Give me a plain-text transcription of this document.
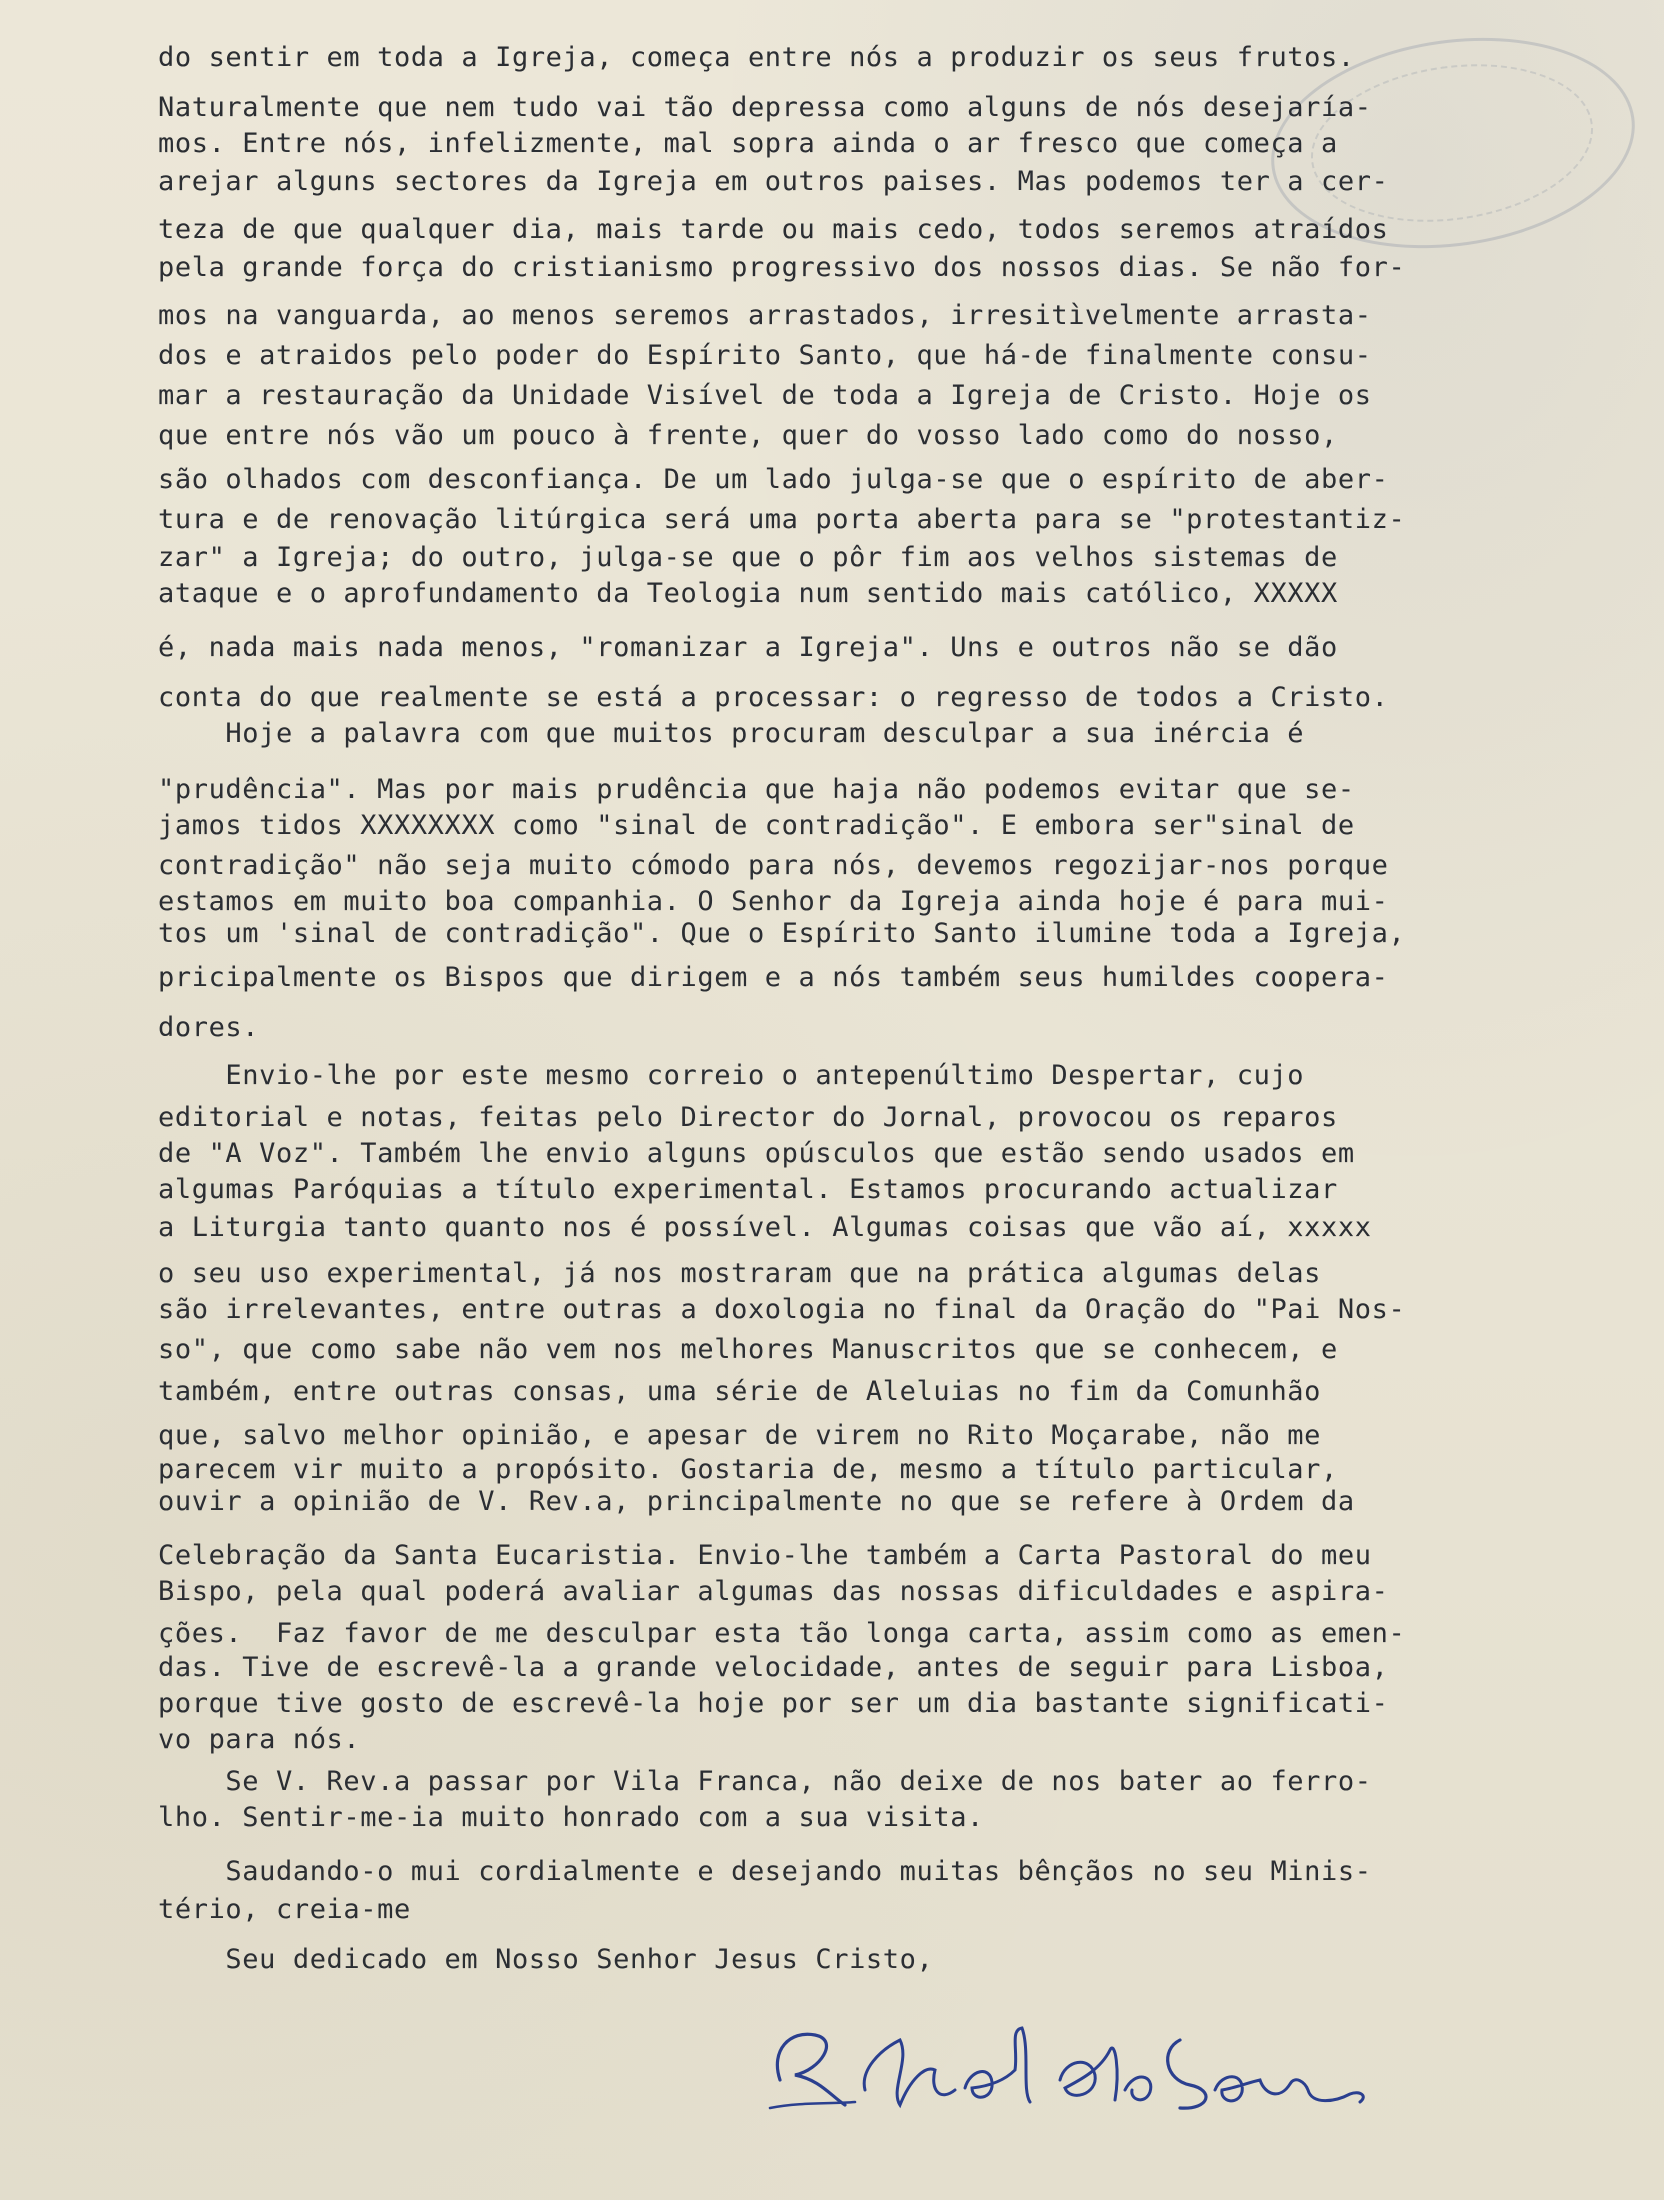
do sentir em toda a Igreja, começa entre nós a produzir os seus frutos.
Naturalmente que nem tudo vai tão depressa como alguns de nós desejaría-
mos. Entre nós, infelizmente, mal sopra ainda o ar fresco que começa a
arejar alguns sectores da Igreja em outros paises. Mas podemos ter a cer-
teza de que qualquer dia, mais tarde ou mais cedo, todos seremos atraídos
pela grande força do cristianismo progressivo dos nossos dias. Se não for-
mos na vanguarda, ao menos seremos arrastados, irresitìvelmente arrasta-
dos e atraidos pelo poder do Espírito Santo, que há-de finalmente consu-
mar a restauração da Unidade Visível de toda a Igreja de Cristo. Hoje os
que entre nós vão um pouco à frente, quer do vosso lado como do nosso,
são olhados com desconfiança. De um lado julga-se que o espírito de aber-
tura e de renovação litúrgica será uma porta aberta para se "protestantiz-
zar" a Igreja; do outro, julga-se que o pôr fim aos velhos sistemas de
ataque e o aprofundamento da Teologia num sentido mais católico, XXXXX
é, nada mais nada menos, "romanizar a Igreja". Uns e outros não se dão
conta do que realmente se está a processar: o regresso de todos a Cristo.
Hoje a palavra com que muitos procuram desculpar a sua inércia é
"prudência". Mas por mais prudência que haja não podemos evitar que se-
jamos tidos XXXXXXXX como "sinal de contradição". E embora ser"sinal de
contradição" não seja muito cómodo para nós, devemos regozijar-nos porque
estamos em muito boa companhia. O Senhor da Igreja ainda hoje é para mui-
tos um 'sinal de contradição". Que o Espírito Santo ilumine toda a Igreja,
pricipalmente os Bispos que dirigem e a nós também seus humildes coopera-
dores.
Envio-lhe por este mesmo correio o antepenúltimo Despertar, cujo
editorial e notas, feitas pelo Director do Jornal, provocou os reparos
de "A Voz". Também lhe envio alguns opúsculos que estão sendo usados em
algumas Paróquias a título experimental. Estamos procurando actualizar
a Liturgia tanto quanto nos é possível. Algumas coisas que vão aí, xxxxx
o seu uso experimental, já nos mostraram que na prática algumas delas
são irrelevantes, entre outras a doxologia no final da Oração do "Pai Nos-
so", que como sabe não vem nos melhores Manuscritos que se conhecem, e
também, entre outras consas, uma série de Aleluias no fim da Comunhão
que, salvo melhor opinião, e apesar de virem no Rito Moçarabe, não me
parecem vir muito a propósito. Gostaria de, mesmo a título particular,
ouvir a opinião de V. Rev.a, principalmente no que se refere à Ordem da
Celebração da Santa Eucaristia. Envio-lhe também a Carta Pastoral do meu
Bispo, pela qual poderá avaliar algumas das nossas dificuldades e aspira-
ções.  Faz favor de me desculpar esta tão longa carta, assim como as emen-
das. Tive de escrevê-la a grande velocidade, antes de seguir para Lisboa,
porque tive gosto de escrevê-la hoje por ser um dia bastante significati-
vo para nós.
Se V. Rev.a passar por Vila Franca, não deixe de nos bater ao ferro-
lho. Sentir-me-ia muito honrado com a sua visita.
Saudando-o mui cordialmente e desejando muitas bênçãos no seu Minis-
tério, creia-me
Seu dedicado em Nosso Senhor Jesus Cristo,
